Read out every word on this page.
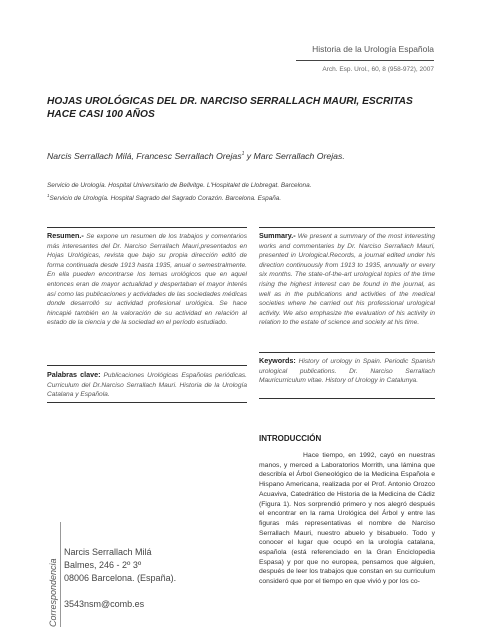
Historia de la Urología Española
Arch. Esp. Urol., 60, 8 (958-972), 2007
HOJAS UROLÓGICAS DEL DR. NARCISO SERRALLACH MAURI, ESCRITAS HACE CASI 100 AÑOS
Narcis Serrallach Milá, Francesc Serrallach Orejas$^1$ y Marc Serrallach Orejas.
Servicio de Urología. Hospital Universitario de Bellvitge. L'Hospitalet de Llobregat. Barcelona.
$^1$Servicio de Urología. Hospital Sagrado del Sagrado Corazón. Barcelona. España.
Resumen.- Se expone un resumen de los trabajos y comentarios más interesantes del Dr. Narciso Serrallach Mauri,presentados en Hojas Urológicas, revista que bajo su propia dirección editó de forma continuada desde 1913 hasta 1935, anual o semestralmente. En ella pueden encontrarse los temas urológicos que en aquel entonces eran de mayor actualidad y despertaban el mayor interés así como las publicaciones y actividades de las sociedades médicas donde desarrolló su actividad profesional urológica. Se hace hincapié también en la valoración de su actividad en relación al estado de la ciencia y de la sociedad en el período estudiado.
Palabras clave: Publicaciones Urológicas Españolas periódicas. Curriculum del Dr.Narciso Serrallach Mauri. Historia de la Urología Catalana y Española.
Summary.- We present a summary of the most interesting works and commentaries by Dr. Narciso Serrallach Mauri, presented in Urological.Records, a journal edited under his direction continuously from 1913 to 1935, annually or every six months. The state-of-the-art urological topics of the time rising the highest interest can be found in the journal, as well as in the publications and activities of the medical societies where he carried out his professional urological activity. We also emphasize the evaluation of his activity in relation to the estate of science and society at his time.
Keywords: History of urology in Spain. Periodic Spanish urological publications. Dr. Narciso Serrallach Mauricurriculum vitae. History of Urology in Catalunya.
INTRODUCCIÓN
Hace tiempo, en 1992, cayó en nuestras manos, y merced a Laboratorios Morrith, una lámina que describía el Árbol Geneológico de la Medicina Española e Hispano Americana, realizada por el Prof. Antonio Orozco Acuaviva, Catedrático de Historia de la Medicina de Cádiz (Figura 1). Nos sorprendió primero y nos alegró después el encontrar en la rama Urológica del Árbol y entre las figuras más representativas el nombre de Narciso Serrallach Mauri, nuestro abuelo y bisabuelo. Todo y conocer el lugar que ocupó en la urología catalana, española (está referenciado en la Gran Enciclopedia Espasa) y por que no europea, pensamos que alguien, después de leer los trabajos que constan en su curriculum consideró que por el tiempo en que vivió y por los co-
Correspondencia
Narcis Serrallach Milá
Balmes, 246 - 2º 3º
08006 Barcelona. (España).
3543nsm@comb.es
